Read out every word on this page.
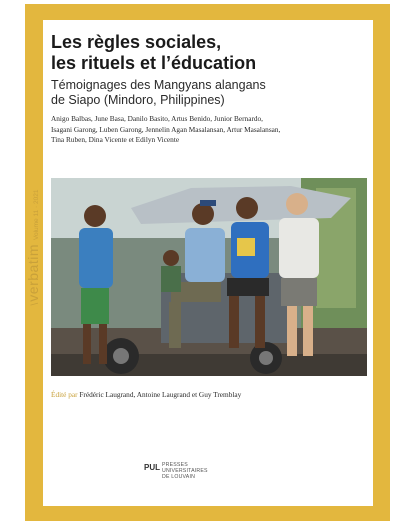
\verbatimVolume 11 · 2021
Les règles sociales,
les rituels et l’éducation

Témoignages des Mangyans alangans
de Siapo (Mindoro, Philippines)

Anigo Balbas, June Basa, Danilo Basito, Artus Benido, Junior Bernardo,
Isagani Garong, Luben Garong, Jennelin Agan Masalansan, Artur Masalansan,
Tina Ruben, Dina Vicente et Edilyn Vicente

Édité par Frédéric Laugrand, Antoine Laugrand et Guy Tremblay

PUL PRESSES
UNIVERSITAIRES
DE LOUVAIN
